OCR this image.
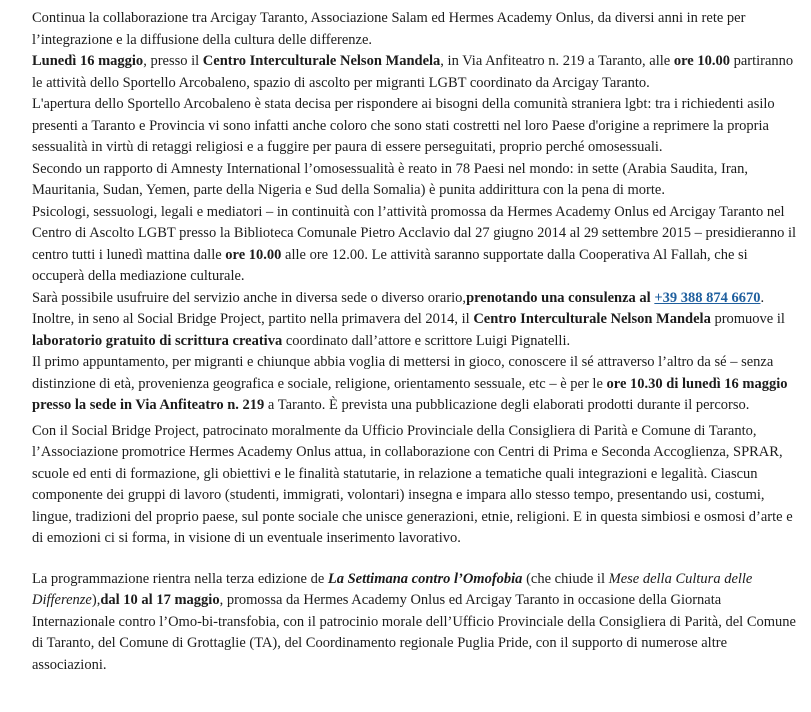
Continua la collaborazione tra Arcigay Taranto, Associazione Salam ed Hermes Academy Onlus, da diversi anni in rete per l’integrazione e la diffusione della cultura delle differenze.

Lunedì 16 maggio, presso il Centro Interculturale Nelson Mandela, in Via Anfiteatro n. 219 a Taranto, alle ore 10.00 partiranno le attività dello Sportello Arcobaleno, spazio di ascolto per migranti LGBT coordinato da Arcigay Taranto.

L'apertura dello Sportello Arcobaleno è stata decisa per rispondere ai bisogni della comunità straniera lgbt: tra i richiedenti asilo presenti a Taranto e Provincia vi sono infatti anche coloro che sono stati costretti nel loro Paese d'origine a reprimere la propria sessualità in virtù di retaggi religiosi e a fuggire per paura di essere perseguitati, proprio perché omosessuali.

Secondo un rapporto di Amnesty International l’omosessualità è reato in 78 Paesi nel mondo: in sette (Arabia Saudita, Iran, Mauritania, Sudan, Yemen, parte della Nigeria e Sud della Somalia) è punita addirittura con la pena di morte.

Psicologi, sessuologi, legali e mediatori – in continuità con l’attività promossa da Hermes Academy Onlus ed Arcigay Taranto nel Centro di Ascolto LGBT presso la Biblioteca Comunale Pietro Acclavio dal 27 giugno 2014 al 29 settembre 2015 – presidieranno il centro tutti i lunedì mattina dalle ore 10.00 alle ore 12.00. Le attività saranno supportate dalla Cooperativa Al Fallah, che si occuperà della mediazione culturale.

Sarà possibile usufruire del servizio anche in diversa sede o diverso orario,prenotando una consulenza al +39 388 874 6670.

Inoltre, in seno al Social Bridge Project, partito nella primavera del 2014, il Centro Interculturale Nelson Mandela promuove il laboratorio gratuito di scrittura creativa coordinato dall’attore e scrittore Luigi Pignatelli.

Il primo appuntamento, per migranti e chiunque abbia voglia di mettersi in gioco, conoscere il sé attraverso l’altro da sé – senza distinzione di età, provenienza geografica e sociale, religione, orientamento sessuale, etc – è per le ore 10.30 di lunedì 16 maggio presso la sede in Via Anfiteatro n. 219 a Taranto. È prevista una pubblicazione degli elaborati prodotti durante il percorso.

Con il Social Bridge Project, patrocinato moralmente da Ufficio Provinciale della Consigliera di Parità e Comune di Taranto, l’Associazione promotrice Hermes Academy Onlus attua, in collaborazione con Centri di Prima e Seconda Accoglienza, SPRAR, scuole ed enti di formazione, gli obiettivi e le finalità statutarie, in relazione a tematiche quali integrazioni e legalità. Ciascun componente dei gruppi di lavoro (studenti, immigrati, volontari) insegna e impara allo stesso tempo, presentando usi, costumi, lingue, tradizioni del proprio paese, sul ponte sociale che unisce generazioni, etnie, religioni. E in questa simbiosi e osmosi d’arte e di emozioni ci si forma, in visione di un eventuale inserimento lavorativo.

La programmazione rientra nella terza edizione de La Settimana contro l’Omofobia (che chiude il Mese della Cultura delle Differenze),dal 10 al 17 maggio, promossa da Hermes Academy Onlus ed Arcigay Taranto in occasione della Giornata Internazionale contro l’Omo-bi-transfobia, con il patrocinio morale dell’Ufficio Provinciale della Consigliera di Parità, del Comune di Taranto, del Comune di Grottaglie (TA), del Coordinamento regionale Puglia Pride, con il supporto di numerose altre associazioni.
